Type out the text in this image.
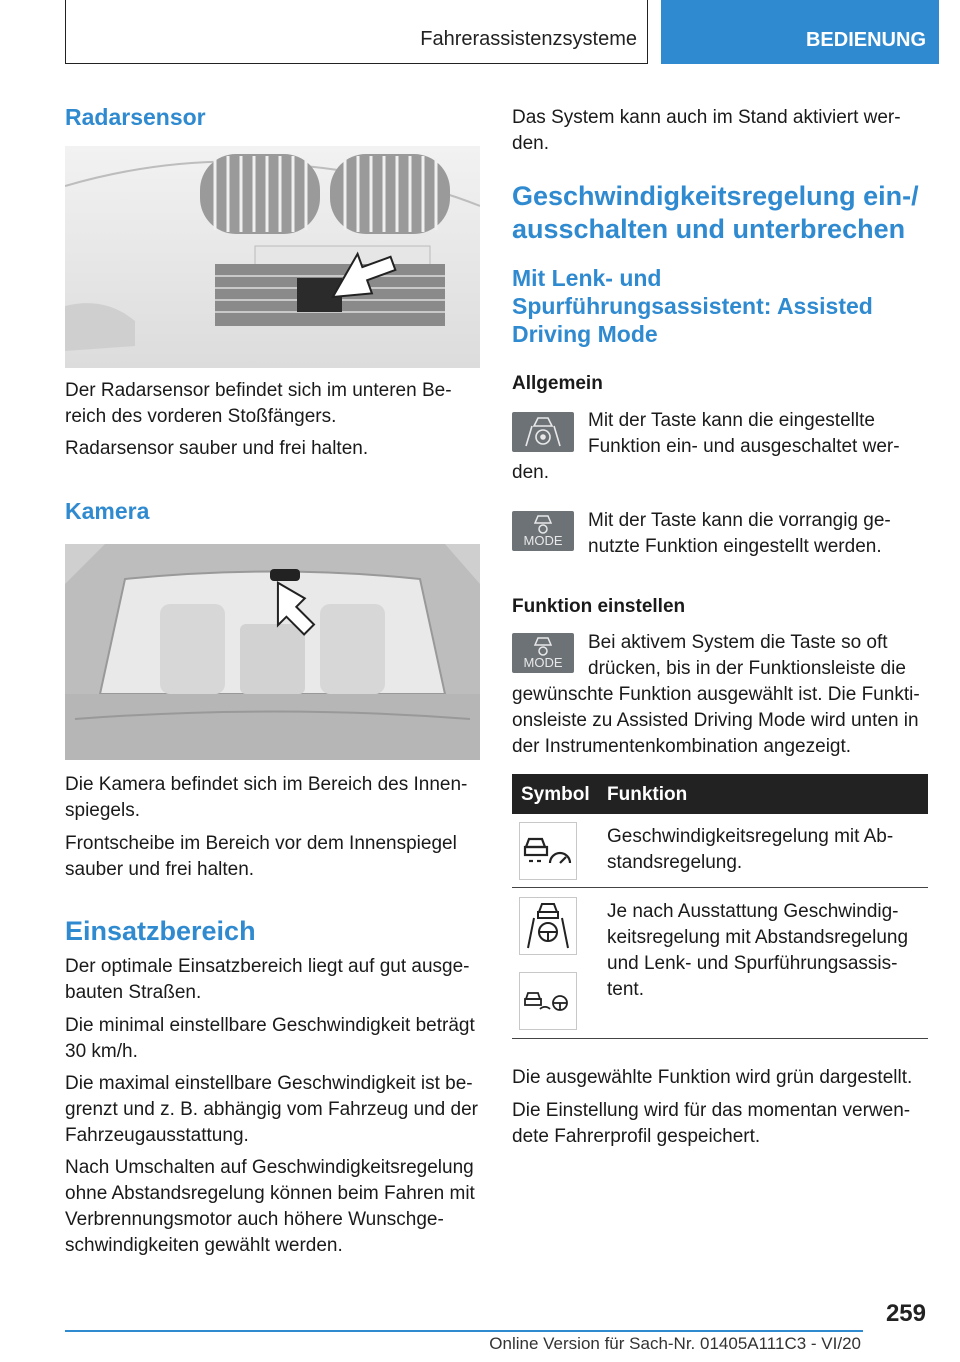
Fahrerassistenzsysteme	BEDIENUNG
Radarsensor

Der Radarsensor befindet sich im unteren Be-

reich des vorderen Stoßfängers.

Radarsensor sauber und frei halten.

Kamera

Die Kamera befindet sich im Bereich des Innen-

spiegels.

Frontscheibe im Bereich vor dem Innenspiegel

sauber und frei halten.

Einsatzbereich

Der optimale Einsatzbereich liegt auf gut ausge-

bauten Straßen.

Die minimal einstellbare Geschwindigkeit beträgt

30 km/h.

Die maximal einstellbare Geschwindigkeit ist be-

grenzt und z. B. abhängig vom Fahrzeug und der

Fahrzeugausstattung.

Nach Umschalten auf Geschwindigkeitsregelung

ohne Abstandsregelung können beim Fahren mit

Verbrennungsmotor auch höhere Wunschge-

schwindigkeiten gewählt werden.

Das System kann auch im Stand aktiviert wer-

den.

Geschwindigkeitsregelung ein-/
ausschalten und unterbrechen
Mit Lenk- und
Spurführungsassistent: Assisted
Driving Mode
Allgemein

Mit der Taste kann die eingestellte

Funktion ein- und ausgeschaltet wer-

den.

MODE

Mit der Taste kann die vorrangig ge-

nutzte Funktion eingestellt werden.

Funktion einstellen
MODE

Bei aktivem System die Taste so oft

drücken, bis in der Funktionsleiste die

gewünschte Funktion ausgewählt ist. Die Funkti-

onsleiste zu Assisted Driving Mode wird unten in

der Instrumentenkombination angezeigt.

Symbol Funktion

Geschwindigkeitsregelung mit Ab-

standsregelung.

Je nach Ausstattung Geschwindig-

keitsregelung mit Abstandsregelung

und Lenk- und Spurführungsassis-

tent.

Die ausgewählte Funktion wird grün dargestellt.

Die Einstellung wird für das momentan verwen-

dete Fahrerprofil gespeichert.

259
Online Version für Sach-Nr. 01405A111C3 - VI/20
